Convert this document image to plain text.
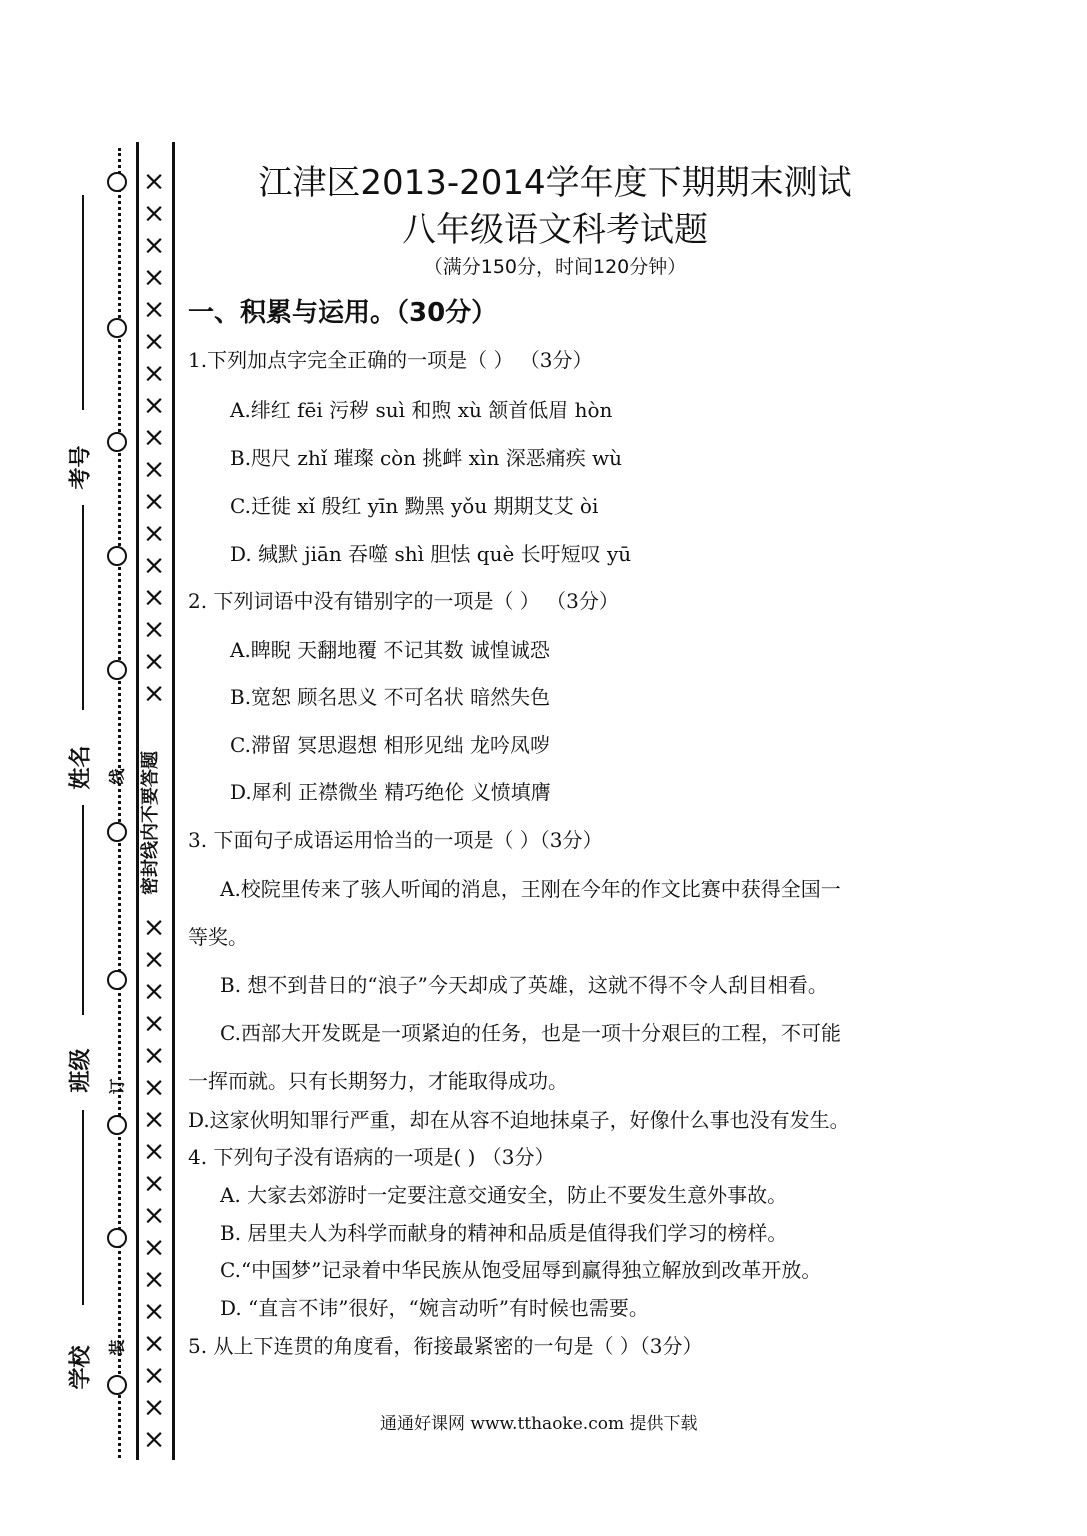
×
×
×
×
×
×
×
×
×
×
×
×
×
×
×
×
×
×
×
×
×
×
×
×
×
×
×
×
×
×
×
×
×
×
密封线内不要答题
线
订
装
考号
姓名
班级
学校
江津区2013-2014学年度下期期末测试
八年级语文科考试题
（满分150分，时间120分钟）
一、积累与运用。（30分）
1.下列加点字完全正确的一项是（ ） （3分）
A.绯红 fēi 污秽 suì 和煦 xù 颔首低眉 hòn
B.咫尺 zhǐ 璀璨 còn 挑衅 xìn 深恶痛疾 wù
C.迁徙 xǐ 殷红 yīn 黝黑 yǒu 期期艾艾 òi
D. 缄默 jiān 吞噬 shì 胆怯 què 长吁短叹 yū
2. 下列词语中没有错别字的一项是（ ） （3分）
A.睥睨 天翻地覆 不记其数 诚惶诚恐
B.宽恕 顾名思义 不可名状 暗然失色
C.滞留 冥思遐想 相形见绌 龙吟凤哕
D.犀利 正襟微坐 精巧绝伦 义愤填膺
3. 下面句子成语运用恰当的一项是（ ）（3分）
A.校院里传来了骇人听闻的消息，王刚在今年的作文比赛中获得全国一
等奖。
B. 想不到昔日的“浪子”今天却成了英雄，这就不得不令人刮目相看。
C.西部大开发既是一项紧迫的任务，也是一项十分艰巨的工程，不可能
一挥而就。只有长期努力，才能取得成功。
D.这家伙明知罪行严重，却在从容不迫地抹桌子，好像什么事也没有发生。
4. 下列句子没有语病的一项是( ) （3分）
A. 大家去郊游时一定要注意交通安全，防止不要发生意外事故。
B. 居里夫人为科学而献身的精神和品质是值得我们学习的榜样。
C.“中国梦”记录着中华民族从饱受屈辱到赢得独立解放到改革开放。
D. “直言不讳”很好，“婉言动听”有时候也需要。
5. 从上下连贯的角度看，衔接最紧密的一句是（ ）（3分）
通通好课网 www.tthaoke.com 提供下载
